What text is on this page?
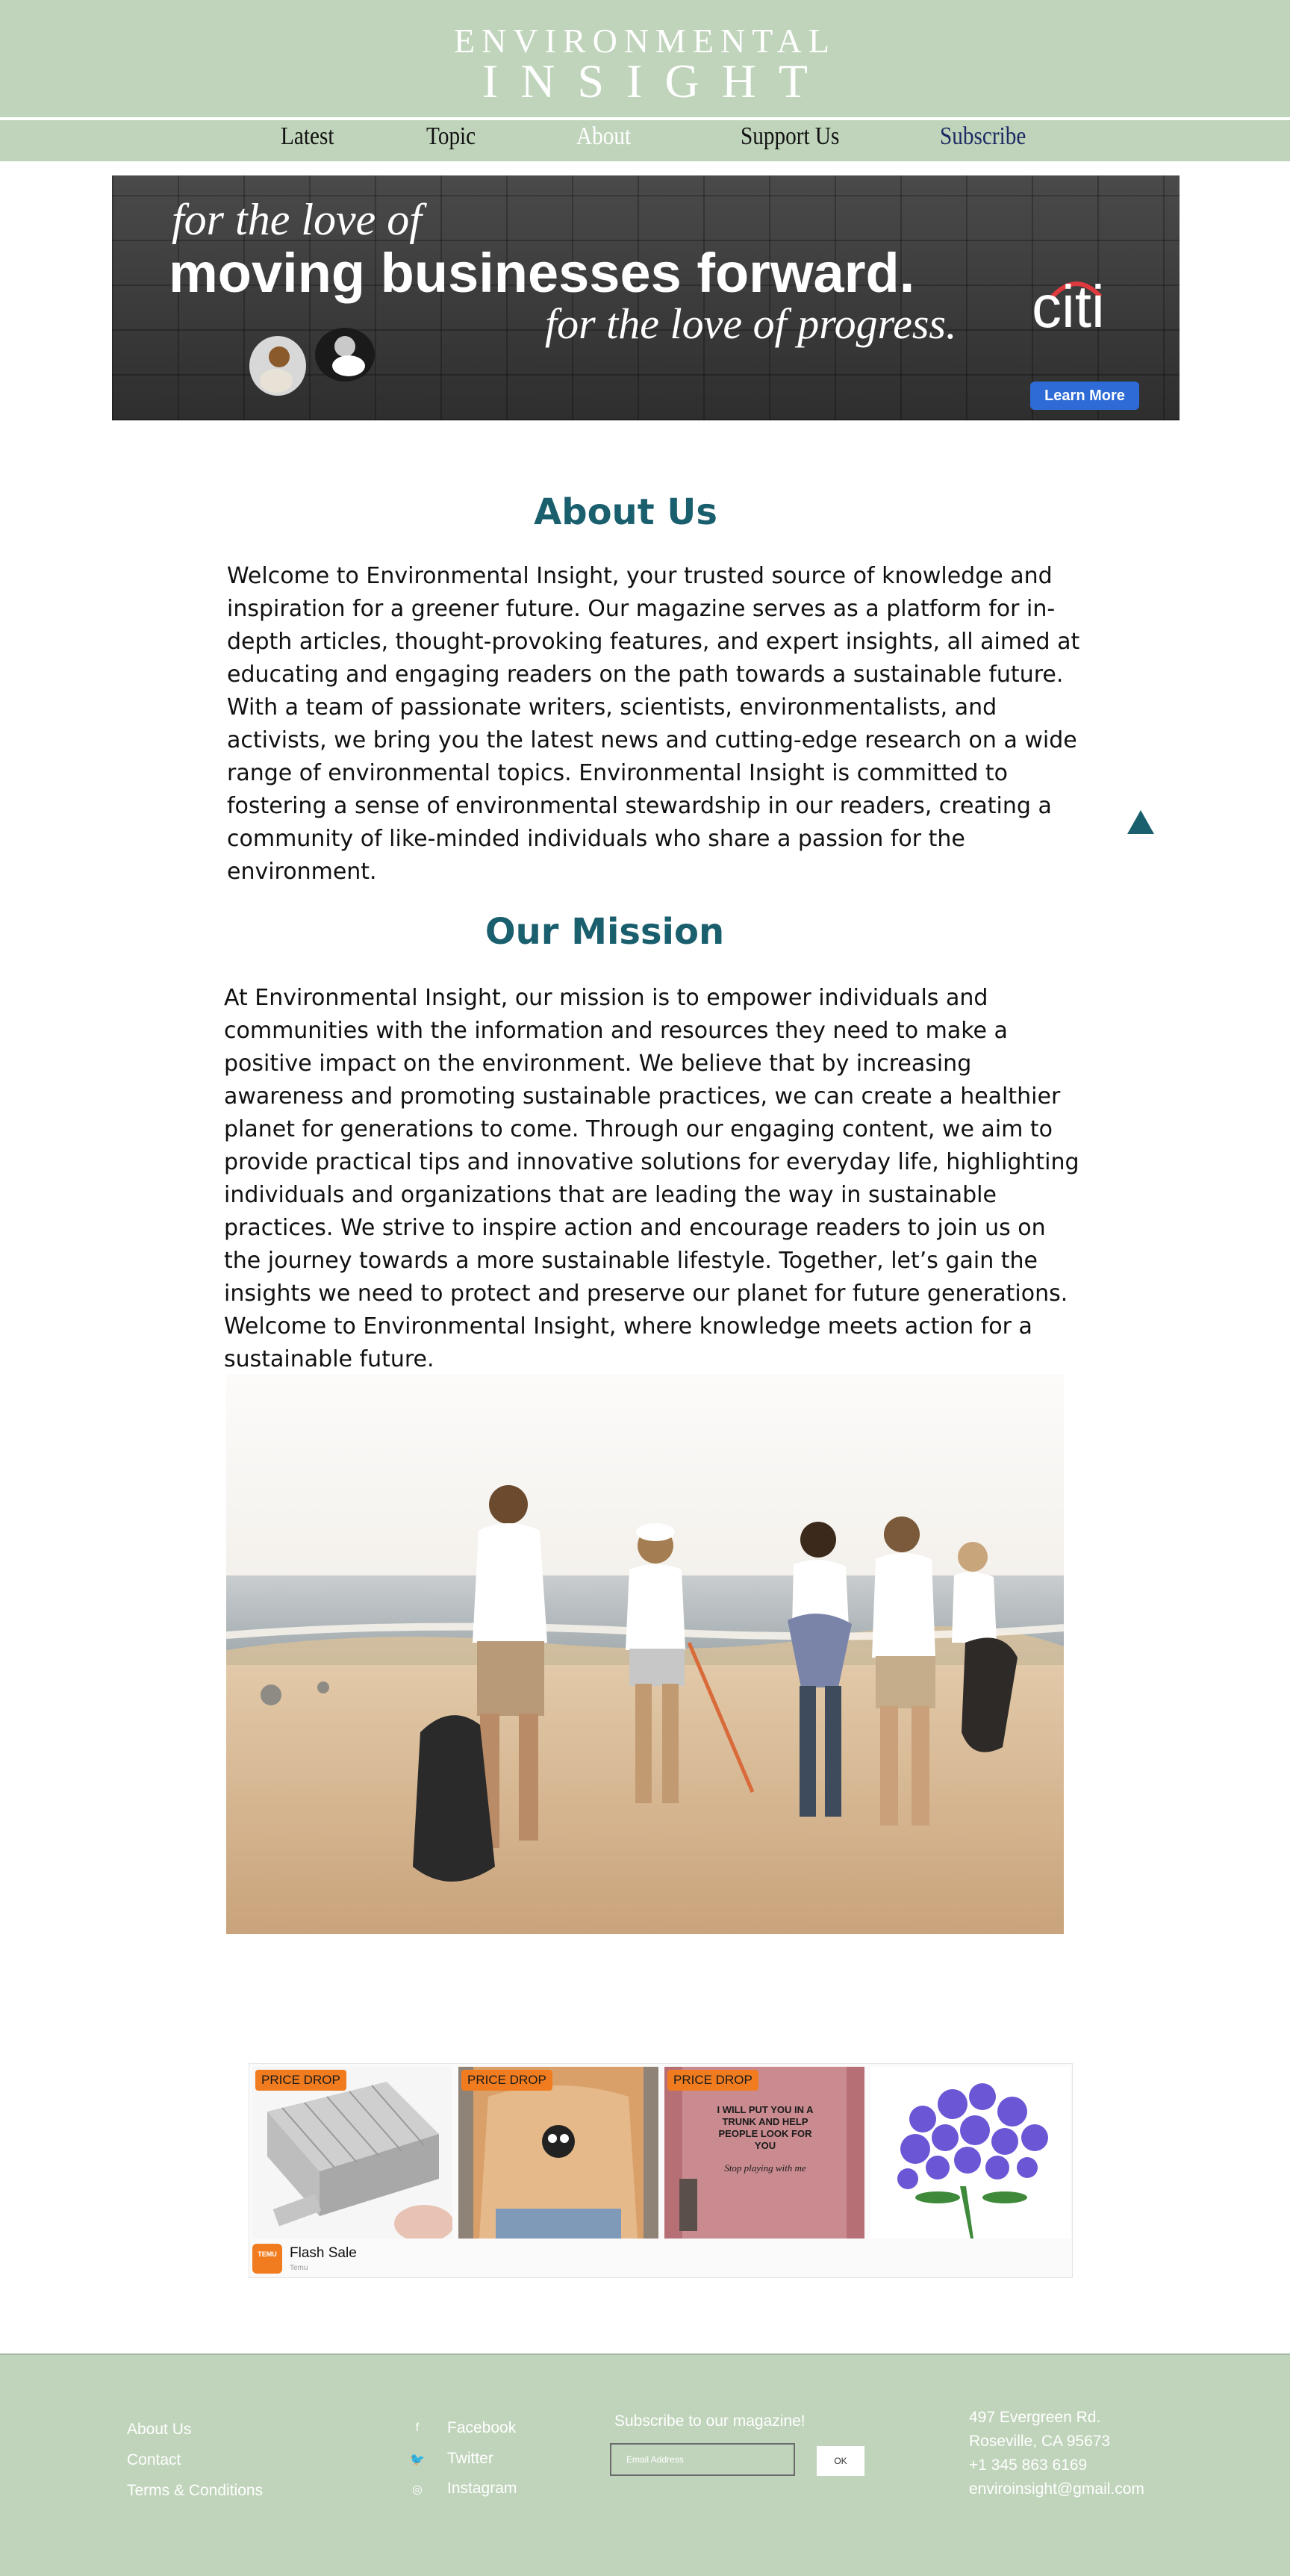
ENVIRONMENTAL
INSIGHT
Latest	Topic	About	Support Us	Subscribe
for the love of
moving businesses forward.
for the love of progress. citi
Learn More
About Us

Welcome to Environmental Insight, your trusted source of knowledge and inspiration for a greener future. Our magazine serves as a platform for in-depth articles, thought-provoking features, and expert insights, all aimed at educating and engaging readers on the path towards a sustainable future. With a team of passionate writers, scientists, environmentalists, and activists, we bring you the latest news and cutting-edge research on a wide range of environmental topics. Environmental Insight is committed to fostering a sense of environmental stewardship in our readers, creating a community of like-minded individuals who share a passion for the environment.

Our Mission

At Environmental Insight, our mission is to empower individuals and communities with the information and resources they need to make a positive impact on the environment. We believe that by increasing awareness and promoting sustainable practices, we can create a healthier planet for generations to come. Through our engaging content, we aim to provide practical tips and innovative solutions for everyday life, highlighting individuals and organizations that are leading the way in sustainable practices. We strive to inspire action and encourage readers to join us on the journey towards a more sustainable lifestyle. Together, let’s gain the insights we need to protect and preserve our planet for future generations. Welcome to Environmental Insight, where knowledge meets action for a sustainable future.

PRICE DROP	PRICE DROP	PRICE DROP
I WILL PUT YOU IN A TRUNK AND HELP PEOPLE LOOK FOR YOU
Stop playing with me
TEMU Flash Sale
Temu
About Us
Contact
Terms & Conditions
f	Facebook
🐦 Twitter
◎ Instagram
Subscribe to our magazine!
Email Address
OK
497 Evergreen Rd.
Roseville, CA 95673
+1 345 863 6169
enviroinsight@gmail.com
